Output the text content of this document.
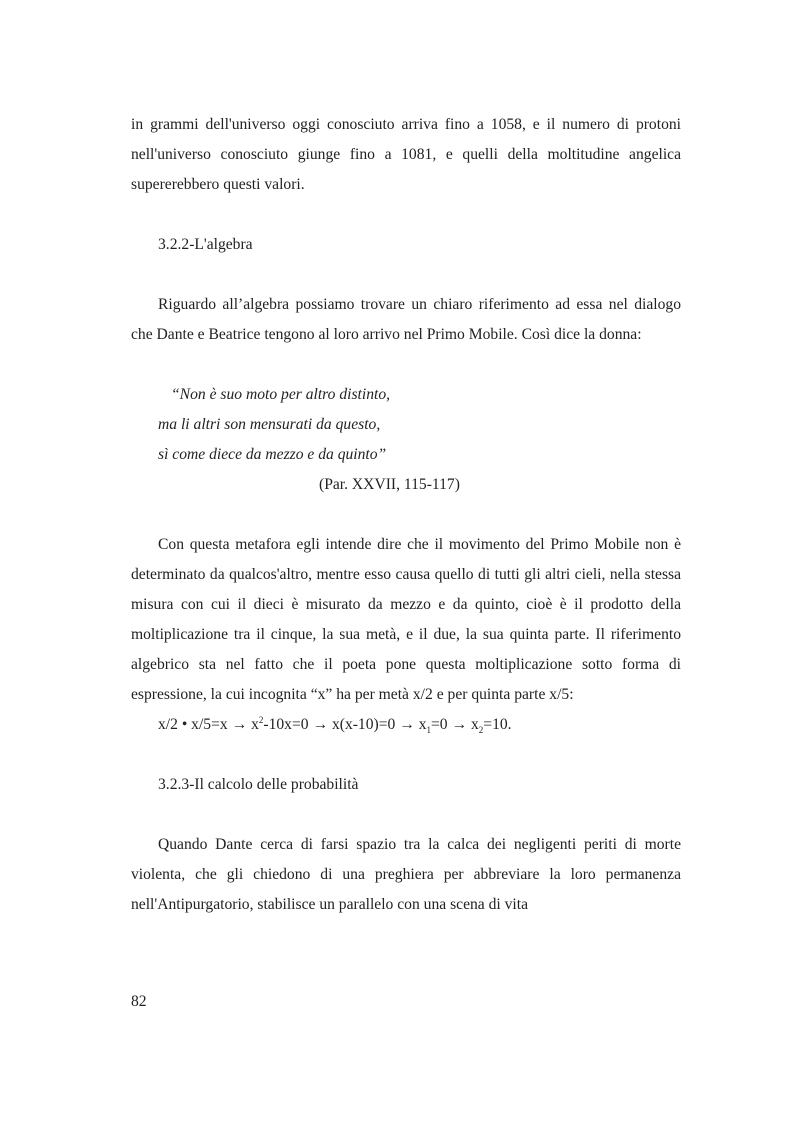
in grammi dell'universo oggi conosciuto arriva fino a 1058, e il numero di protoni nell'universo conosciuto giunge fino a 1081, e quelli della moltitudine angelica supererebbero questi valori.

3.2.2-L'algebra

Riguardo all’algebra possiamo trovare un chiaro riferimento ad essa nel dialogo che Dante e Beatrice tengono al loro arrivo nel Primo Mobile. Così dice la donna:

“Non è suo moto per altro distinto,
ma li altri son mensurati da questo,
sì come diece da mezzo e da quinto”
(Par. XXVII, 115-117)

Con questa metafora egli intende dire che il movimento del Primo Mobile non è determinato da qualcos'altro, mentre esso causa quello di tutti gli altri cieli, nella stessa misura con cui il dieci è misurato da mezzo e da quinto, cioè è il prodotto della moltiplicazione tra il cinque, la sua metà, e il due, la sua quinta parte. Il riferimento algebrico sta nel fatto che il poeta pone questa moltiplicazione sotto forma di espressione, la cui incognita “x” ha per metà x/2 e per quinta parte x/5:

x/2 • $x/5=x \to x^2-10x=0 \to x(x-10)=0 \to x_1=0 \to x_2=10$.

3.2.3-Il calcolo delle probabilità

Quando Dante cerca di farsi spazio tra la calca dei negligenti periti di morte violenta, che gli chiedono di una preghiera per abbreviare la loro permanenza nell'Antipurgatorio, stabilisce un parallelo con una scena di vita

82
